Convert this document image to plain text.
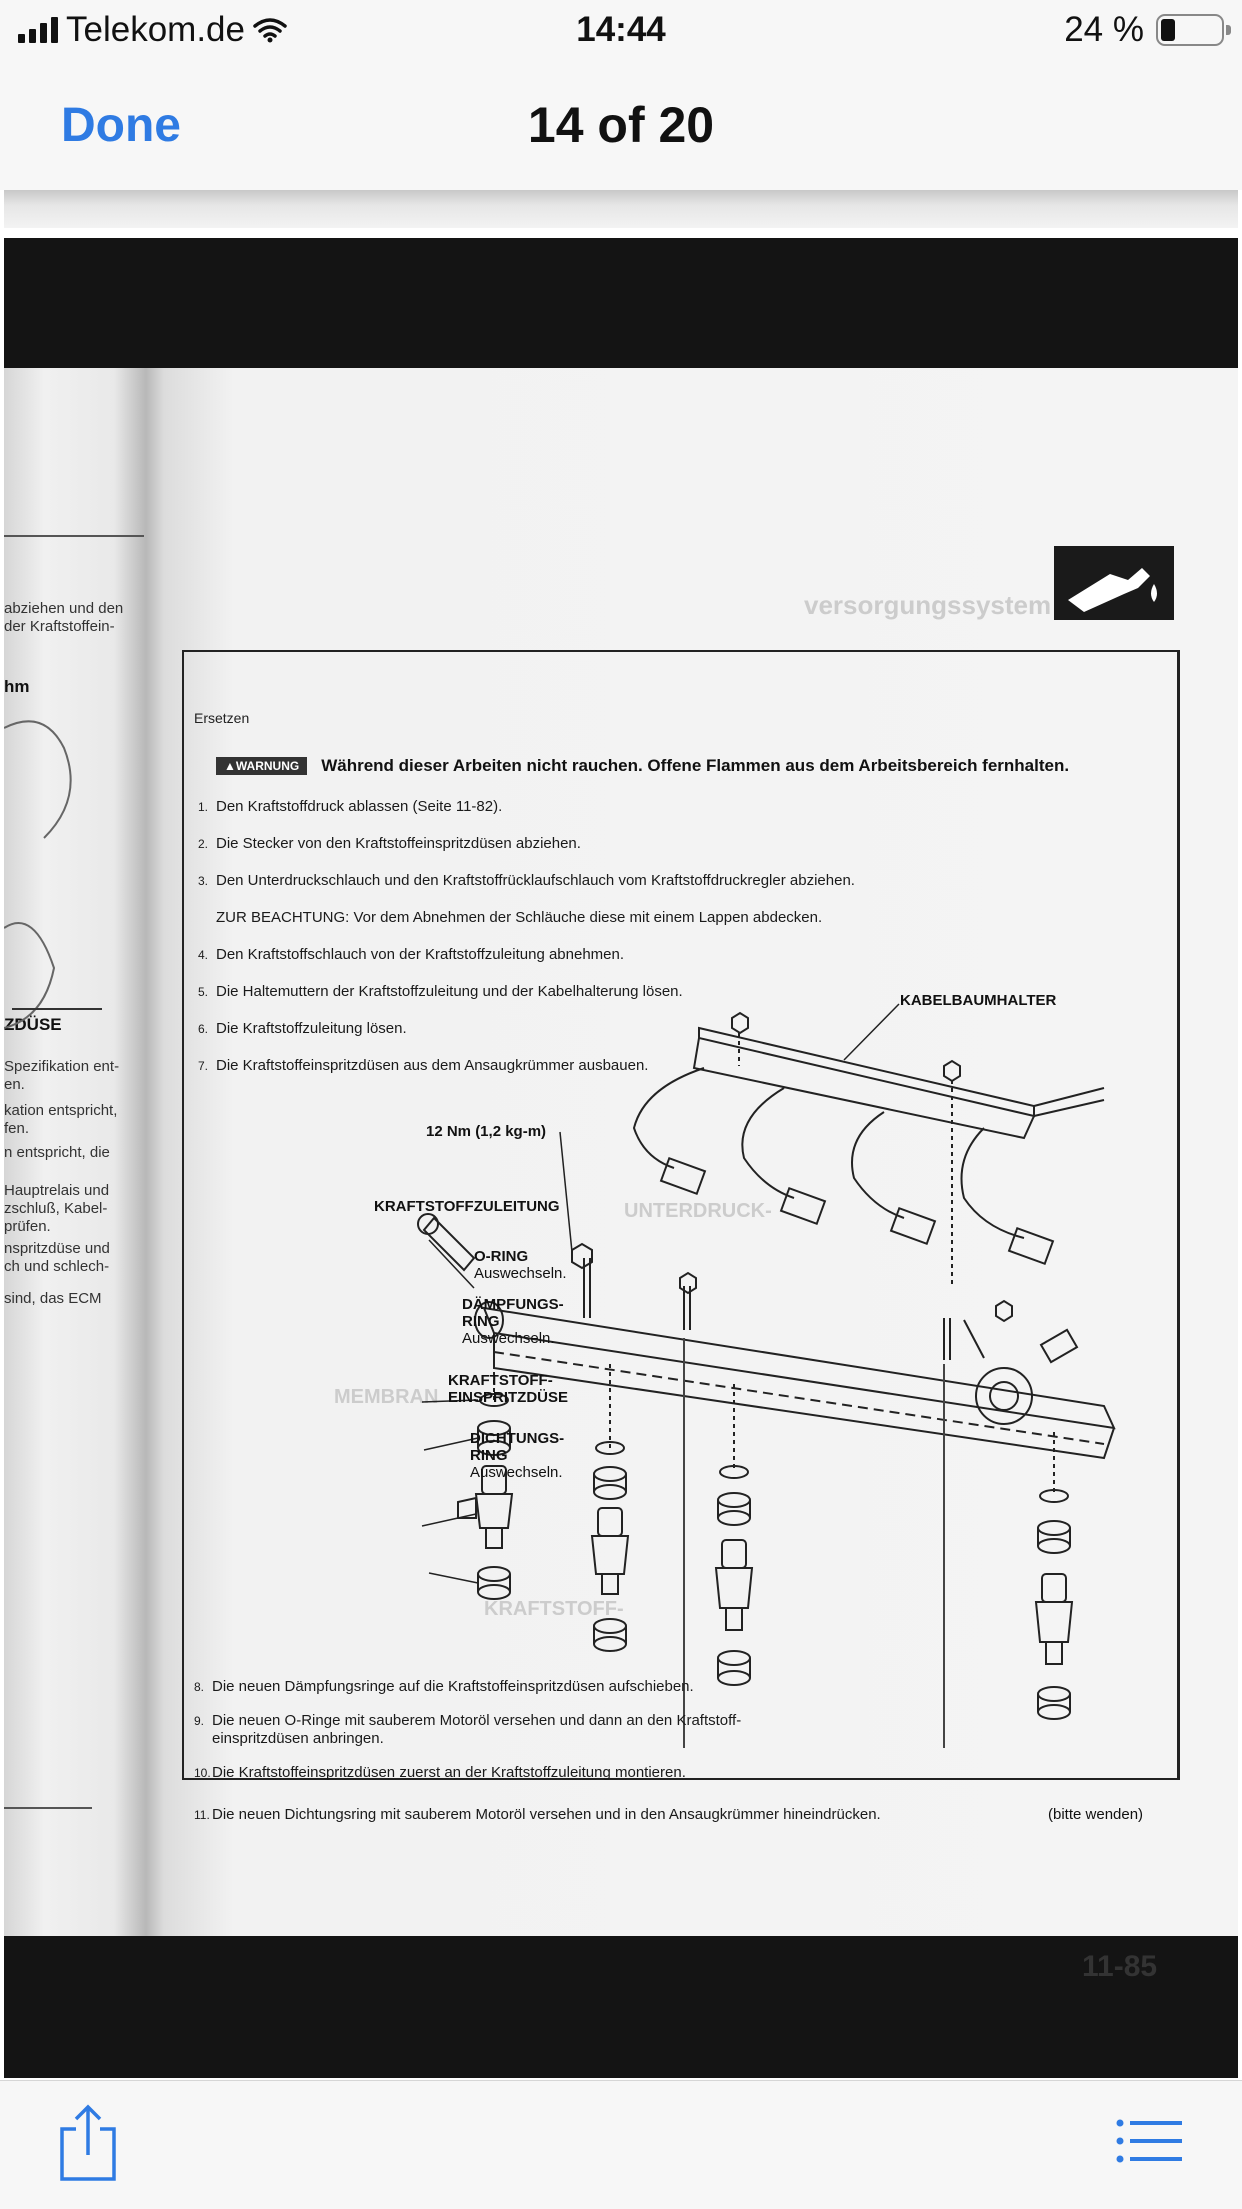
Telekom.de	14:44	24 %
Done	14 of 20
abziehen und den
der Kraftstoffein-
hm
ZDÜSE
Spezifikation ent-
en.
kation entspricht,
fen.
n entspricht, die
Hauptrelais und
zschluß, Kabel-
prüfen.
nspritzdüse und
ch und schlech-
sind, das ECM
versorgungssystem
UNTERDRUCK-
MEMBRAN
KRAFTSTOFF-
Ersetzen
▲WARNUNG	Während dieser Arbeiten nicht rauchen. Offene Flammen aus dem Arbeitsbereich fernhalten.
1. Den Kraftstoffdruck ablassen (Seite 11-82).
2. Die Stecker von den Kraftstoffeinspritzdüsen abziehen.
3. Den Unterdruckschlauch und den Kraftstoffrücklaufschlauch vom Kraftstoffdruckregler abziehen.
ZUR BEACHTUNG: Vor dem Abnehmen der Schläuche diese mit einem Lappen abdecken.
4. Den Kraftstoffschlauch von der Kraftstoffzuleitung abnehmen.
5. Die Haltemuttern der Kraftstoffzuleitung und der Kabelhalterung lösen.
6. Die Kraftstoffzuleitung lösen.
7. Die Kraftstoffeinspritzdüsen aus dem Ansaugkrümmer ausbauen.
KABELBAUMHALTER
12 Nm (1,2 kg-m)
KRAFTSTOFFZULEITUNG
O-RING
Auswechseln.
DÄMPFUNGS-
RING
Auswechseln.
KRAFTSTOFF-
EINSPRITZDÜSE
DICHTUNGS-
RING
Auswechseln.
8. Die neuen Dämpfungsringe auf die Kraftstoffeinspritzdüsen aufschieben.
9. Die neuen O-Ringe mit sauberem Motoröl versehen und dann an den Kraftstoff-
einspritzdüsen anbringen.
10.Die Kraftstoffeinspritzdüsen zuerst an der Kraftstoffzuleitung montieren.
11. Die neuen Dichtungsring mit sauberem Motoröl versehen und in den Ansaugkrümmer hineindrücken.	(bitte wenden)
11-85
